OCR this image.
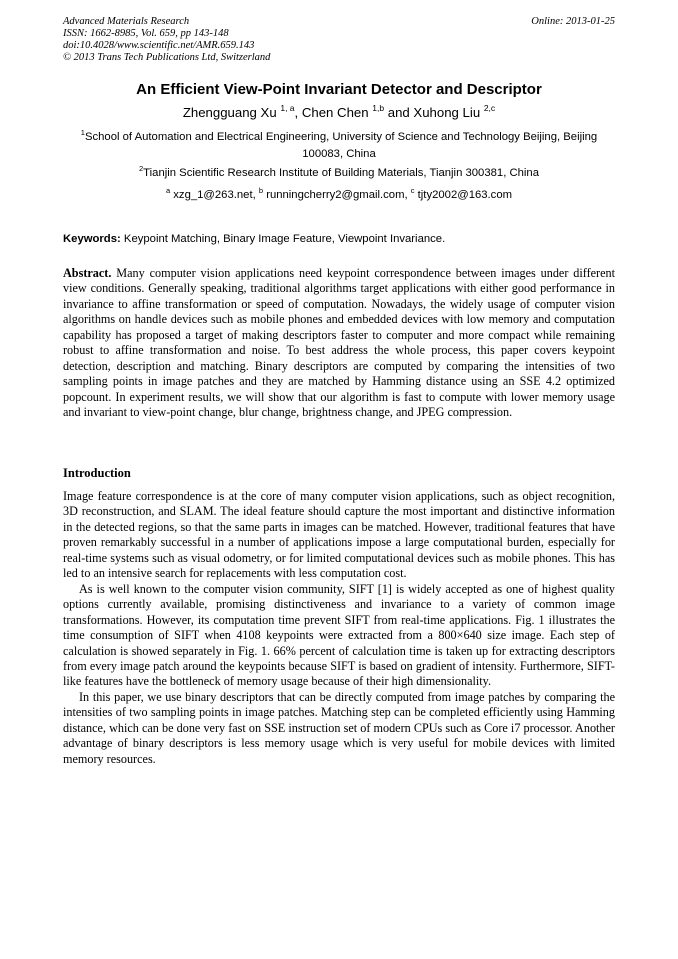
Advanced Materials Research
ISSN: 1662-8985, Vol. 659, pp 143-148
doi:10.4028/www.scientific.net/AMR.659.143
© 2013 Trans Tech Publications Ltd, Switzerland
Online: 2013-01-25
An Efficient View-Point Invariant Detector and Descriptor
Zhengguang Xu $^{1, a}$, Chen Chen $^{1,b}$ and Xuhong Liu $^{2,c}$
$^1$School of Automation and Electrical Engineering, University of Science and Technology Beijing, Beijing 100083, China
$^2$Tianjin Scientific Research Institute of Building Materials, Tianjin 300381, China
$^a$ xzg_1@263.net, $^b$ runningcherry2@gmail.com, $^c$ tjty2002@163.com
Keywords: Keypoint Matching, Binary Image Feature, Viewpoint Invariance.

Abstract. Many computer vision applications need keypoint correspondence between images under different view conditions. Generally speaking, traditional algorithms target applications with either good performance in invariance to affine transformation or speed of computation. Nowadays, the widely usage of computer vision algorithms on handle devices such as mobile phones and embedded devices with low memory and computation capability has proposed a target of making descriptors faster to computer and more compact while remaining robust to affine transformation and noise. To best address the whole process, this paper covers keypoint detection, description and matching. Binary descriptors are computed by comparing the intensities of two sampling points in image patches and they are matched by Hamming distance using an SSE 4.2 optimized popcount. In experiment results, we will show that our algorithm is fast to compute with lower memory usage and invariant to view-point change, blur change, brightness change, and JPEG compression.

Introduction

Image feature correspondence is at the core of many computer vision applications, such as object recognition, 3D reconstruction, and SLAM. The ideal feature should capture the most important and distinctive information in the detected regions, so that the same parts in images can be matched. However, traditional features that have proven remarkably successful in a number of applications impose a large computational burden, especially for real-time systems such as visual odometry, or for limited computational devices such as mobile phones. This has led to an intensive search for replacements with less computation cost.

As is well known to the computer vision community, SIFT [1] is widely accepted as one of highest quality options currently available, promising distinctiveness and invariance to a variety of common image transformations. However, its computation time prevent SIFT from real-time applications. Fig. 1 illustrates the time consumption of SIFT when 4108 keypoints were extracted from a 800×640 size image. Each step of calculation is showed separately in Fig. 1. 66% percent of calculation time is taken up for extracting descriptors from every image patch around the keypoints because SIFT is based on gradient of intensity. Furthermore, SIFT-like features have the bottleneck of memory usage because of their high dimensionality.

In this paper, we use binary descriptors that can be directly computed from image patches by comparing the intensities of two sampling points in image patches. Matching step can be completed efficiently using Hamming distance, which can be done very fast on SSE instruction set of modern CPUs such as Core i7 processor. Another advantage of binary descriptors is less memory usage which is very useful for mobile devices with limited memory resources.
